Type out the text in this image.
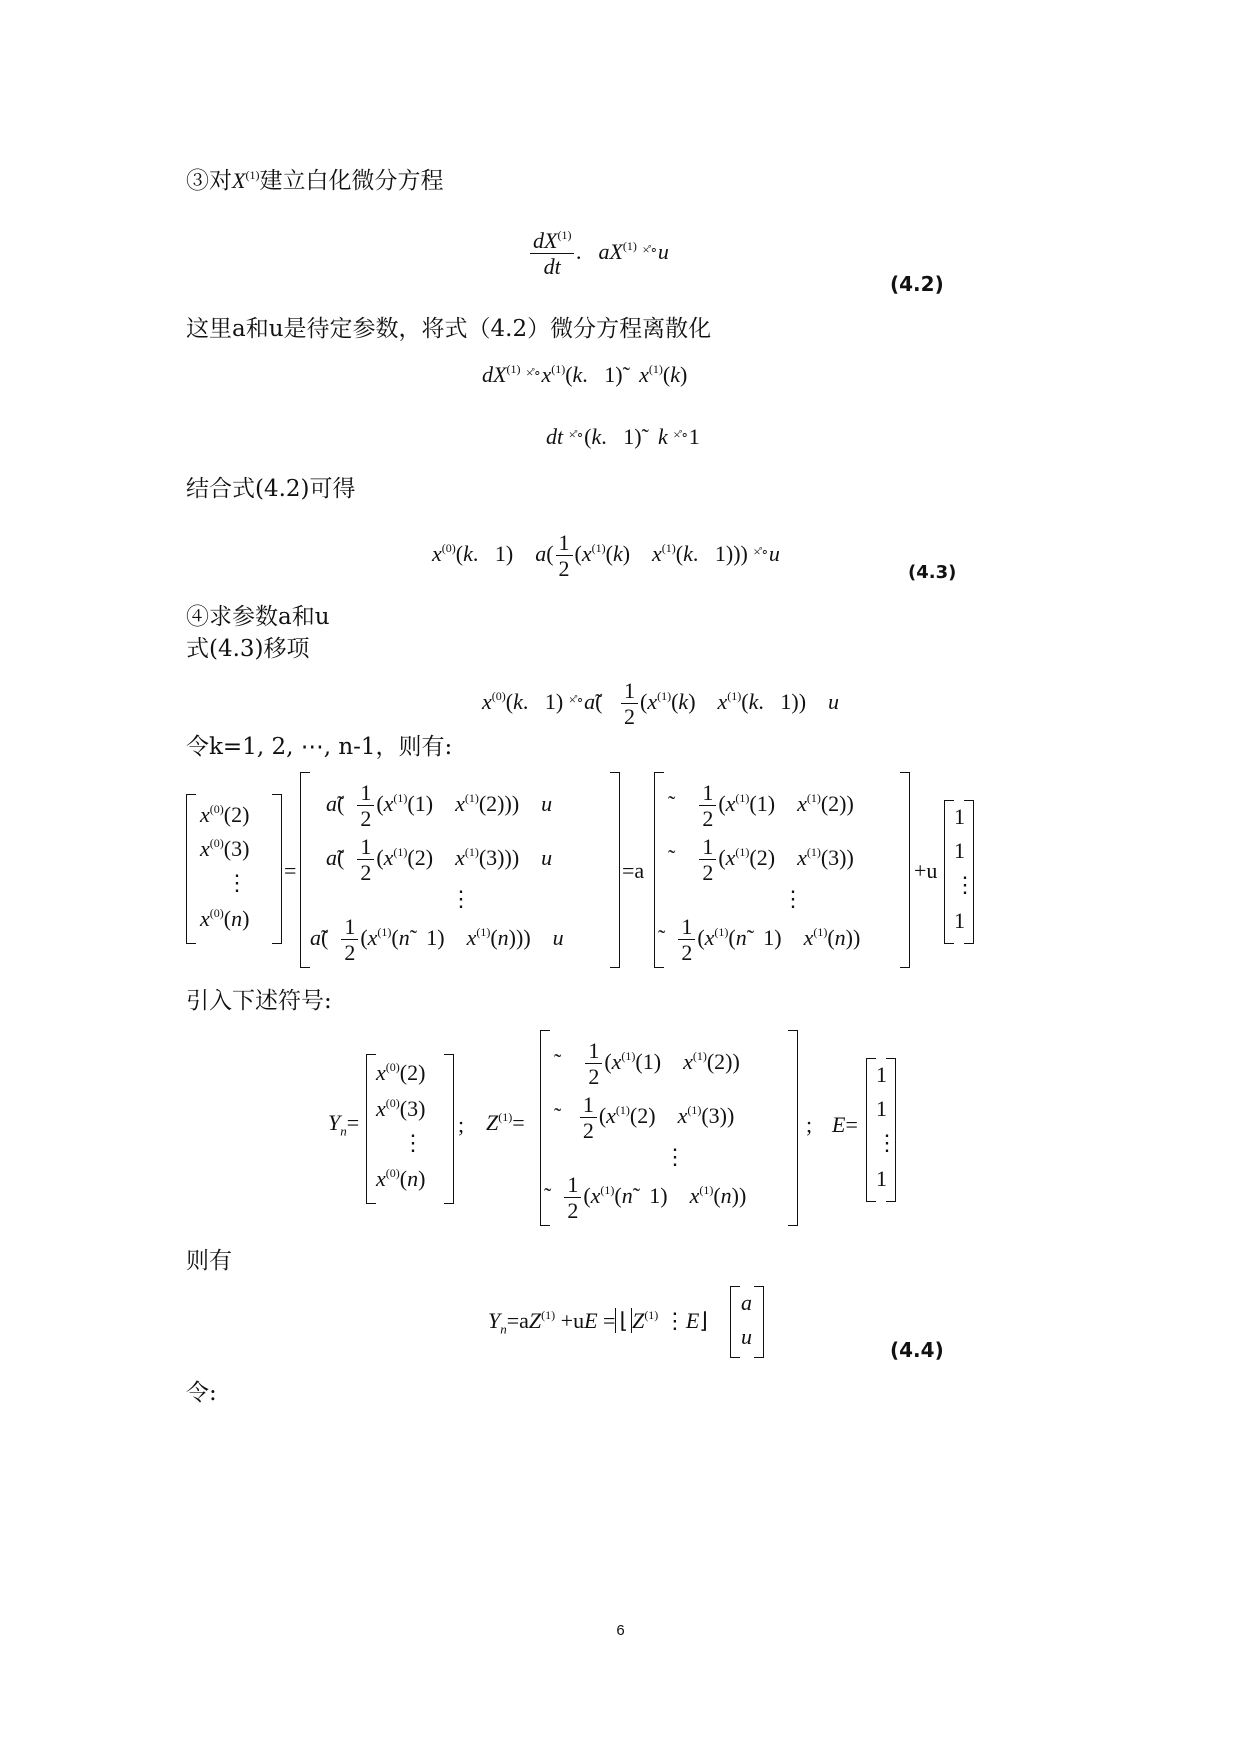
③对$X^{(1)}$建立白化微分方程
$\frac{dX^{(1)}}{dt}$ . $aX^{(1)}$ ×̊∘u
(4.2)
这里a和u是待定参数，将式（4.2）微分方程离散化
$dX^{(1)}$ $^{\times̊\circ}x^{(1)}(k$.   1)̃   $x^{(1)}(k)$
dt ×̊∘(k.   1)̃   k ×̊∘1
结合式(4.2)可得
$x^{(0)}(k$.   1)    $a( \frac{1}{2} (x^{(1)}(k)$    $x^{(1)}(k$.   1))) ×̊∘u
(4.3)
④求参数a和u
式(4.3)移项
$x^{(0)}(k$.   1) ×̊∘ã( $\frac{1}{2} (x^{(1)}(k)$    $x^{(1)}(k$.   1))    u
令k=1, 2, ⋯, n-1，则有:
$x^{(0)}(2)$
$x^{(0)}(3)$
⋮
$x^{(0)}(n)$
=
ã( $\frac{1}{2} (x^{(1)}(1)$    $x^{(1)}(2)$))    u
ã( $\frac{1}{2} (x^{(1)}(2)$    $x^{(1)}(3)$))    u
⋮
ã( $\frac{1}{2}$ ($x^{(1)}(ñ$   1)    $x^{(1)}(n)$))    u
=a
˜ $\frac{1}{2} (x^{(1)}(1)$    $x^{(1)}(2)$)
˜ $\frac{1}{2} (x^{(1)}(2)$    $x^{(1)}(3)$)
⋮
˜ $\frac{1}{2}$ ($x^{(1)}(ñ$   1)    $x^{(1)}(n)$)
+u
1
1
⋮
1
引入下述符号:
$Y_n=$
$x^{(0)}(2)$
$x^{(0)}(3)$
⋮
$x^{(0)}(n)$
; $Z^{(1)}=$
˜ $\frac{1}{2} (x^{(1)}(1)$    $x^{(1)}(2)$)
˜ $\frac{1}{2} (x^{(1)}(2)$    $x^{(1)}(3)$)
⋮
˜ $\frac{1}{2}$ ($x^{(1)}(ñ$   1)    $x^{(1)}(n)$)
; E=
1
1
⋮
1
则有
$Y_n=aZ^{(1)} +uE$ = ⌊ $Z^{(1)}$ ⋮E⌋
a
u
(4.4)
令:
6
